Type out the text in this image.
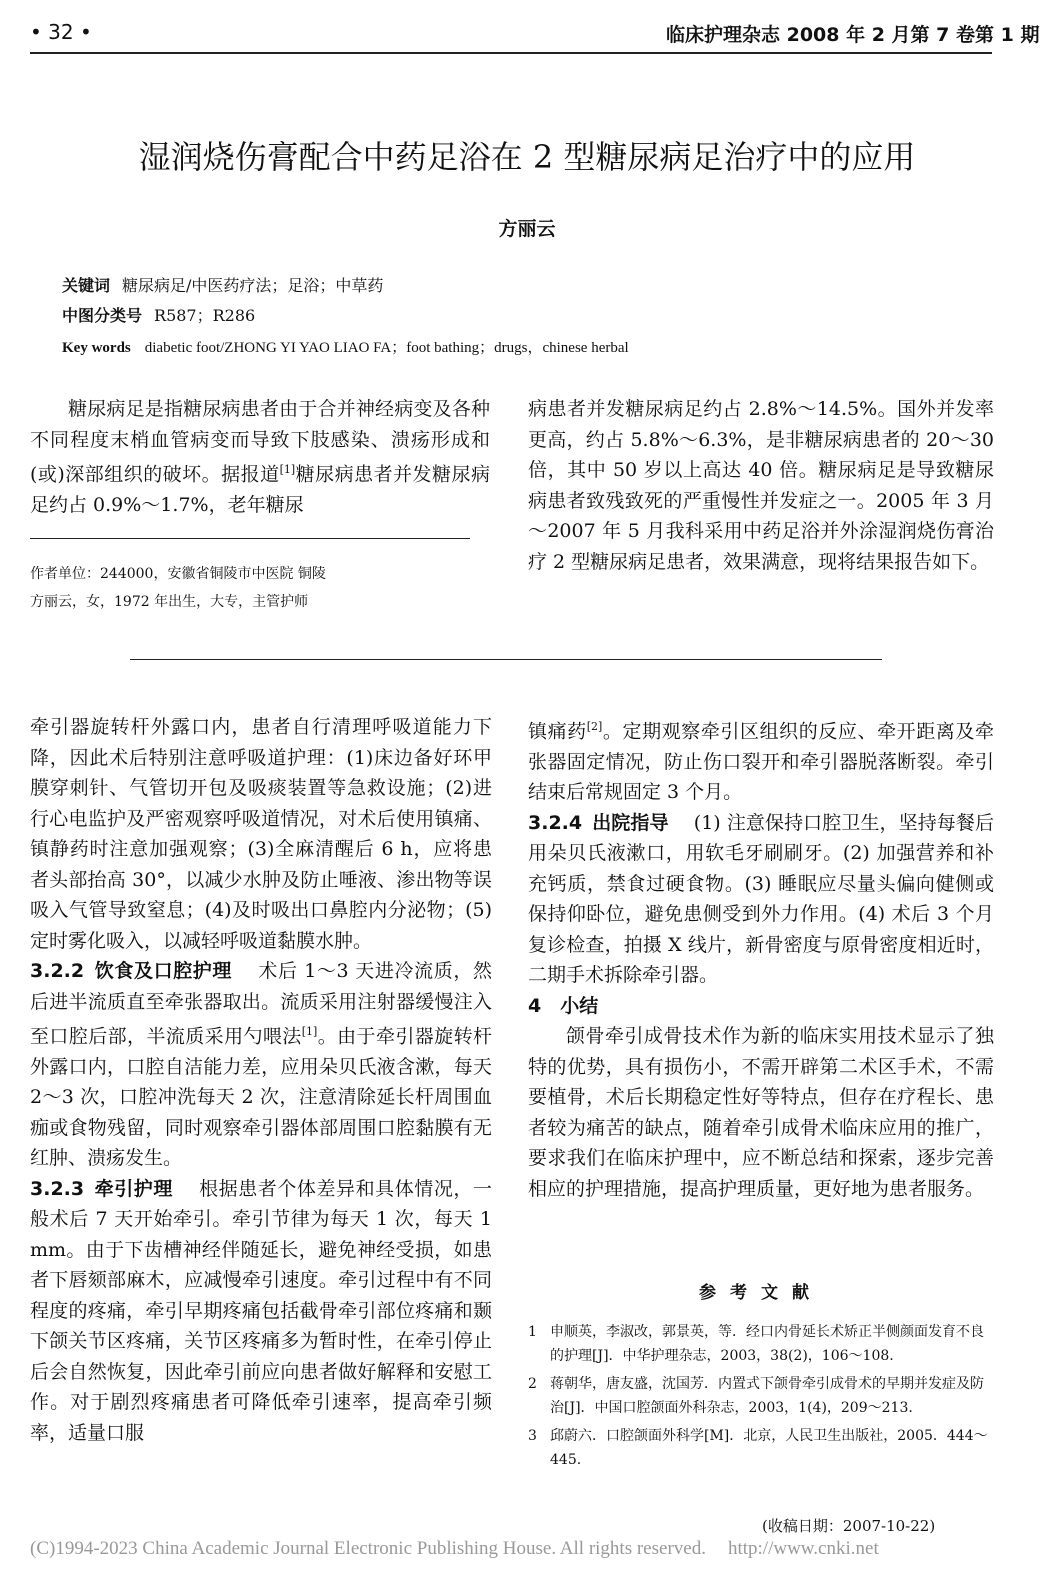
• 32 •	临床护理杂志 2008 年 2 月第 7 卷第 1 期
湿润烧伤膏配合中药足浴在 2 型糖尿病足治疗中的应用
方丽云
关键词 糖尿病足/中医药疗法；足浴；中草药
中图分类号 R587；R286
Key words diabetic foot/ZHONG YI YAO LIAO FA；foot bathing；drugs，chinese herbal
糖尿病足是指糖尿病患者由于合并神经病变及各种不同程度末梢血管病变而导致下肢感染、溃疡形成和(或)深部组织的破坏。据报道[1]糖尿病患者并发糖尿病足约占 0.9%～1.7%，老年糖尿
作者单位：244000，安徽省铜陵市中医院 铜陵
方丽云，女，1972 年出生，大专，主管护师

病患者并发糖尿病足约占 2.8%～14.5%。国外并发率更高，约占 5.8%～6.3%，是非糖尿病患者的 20～30 倍，其中 50 岁以上高达 40 倍。糖尿病足是导致糖尿病患者致残致死的严重慢性并发症之一。2005 年 3 月～2007 年 5 月我科采用中药足浴并外涂湿润烧伤膏治疗 2 型糖尿病足患者，效果满意，现将结果报告如下。

牵引器旋转杆外露口内，患者自行清理呼吸道能力下降，因此术后特别注意呼吸道护理：(1)床边备好环甲膜穿刺针、气管切开包及吸痰装置等急救设施；(2)进行心电监护及严密观察呼吸道情况，对术后使用镇痛、镇静药时注意加强观察；(3)全麻清醒后 6 h，应将患者头部抬高 30°，以减少水肿及防止唾液、渗出物等误吸入气管导致窒息；(4)及时吸出口鼻腔内分泌物；(5)定时雾化吸入，以减轻呼吸道黏膜水肿。

3.2.2 饮食及口腔护理　 术后 1～3 天进冷流质，然后进半流质直至牵张器取出。流质采用注射器缓慢注入至口腔后部，半流质采用勺喂法[1]。由于牵引器旋转杆外露口内，口腔自洁能力差，应用朵贝氏液含漱，每天 2～3 次，口腔冲洗每天 2 次，注意清除延长杆周围血痂或食物残留，同时观察牵引器体部周围口腔黏膜有无红肿、溃疡发生。

3.2.3 牵引护理　 根据患者个体差异和具体情况，一般术后 7 天开始牵引。牵引节律为每天 1 次，每天 1 mm。由于下齿槽神经伴随延长，避免神经受损，如患者下唇颏部麻木，应减慢牵引速度。牵引过程中有不同程度的疼痛，牵引早期疼痛包括截骨牵引部位疼痛和颞下颌关节区疼痛，关节区疼痛多为暂时性，在牵引停止后会自然恢复，因此牵引前应向患者做好解释和安慰工作。对于剧烈疼痛患者可降低牵引速率，提高牵引频率，适量口服

镇痛药[2]。定期观察牵引区组织的反应、牵开距离及牵张器固定情况，防止伤口裂开和牵引器脱落断裂。牵引结束后常规固定 3 个月。

3.2.4 出院指导　 (1) 注意保持口腔卫生，坚持每餐后用朵贝氏液漱口，用软毛牙刷刷牙。(2) 加强营养和补充钙质，禁食过硬食物。(3) 睡眠应尽量头偏向健侧或保持仰卧位，避免患侧受到外力作用。(4) 术后 3 个月复诊检查，拍摄 X 线片，新骨密度与原骨密度相近时，二期手术拆除牵引器。

4　小结

颌骨牵引成骨技术作为新的临床实用技术显示了独特的优势，具有损伤小，不需开辟第二术区手术，不需要植骨，术后长期稳定性好等特点，但存在疗程长、患者较为痛苦的缺点，随着牵引成骨术临床应用的推广，要求我们在临床护理中，应不断总结和探索，逐步完善相应的护理措施，提高护理质量，更好地为患者服务。

参考文献
1 申顺英，李淑改，郭景英，等．经口内骨延长术矫正半侧颜面发育不良的护理[J]．中华护理杂志，2003，38(2)，106～108.
2 蒋朝华，唐友盛，沈国芳．内置式下颌骨牵引成骨术的早期并发症及防治[J]．中国口腔颌面外科杂志，2003，1(4)，209～213.
3 邱蔚六．口腔颌面外科学[M]．北京，人民卫生出版社，2005．444～445.
(收稿日期：2007-10-22)
(C)1994-2023 China Academic Journal Electronic Publishing House. All rights reserved. http://www.cnki.net
